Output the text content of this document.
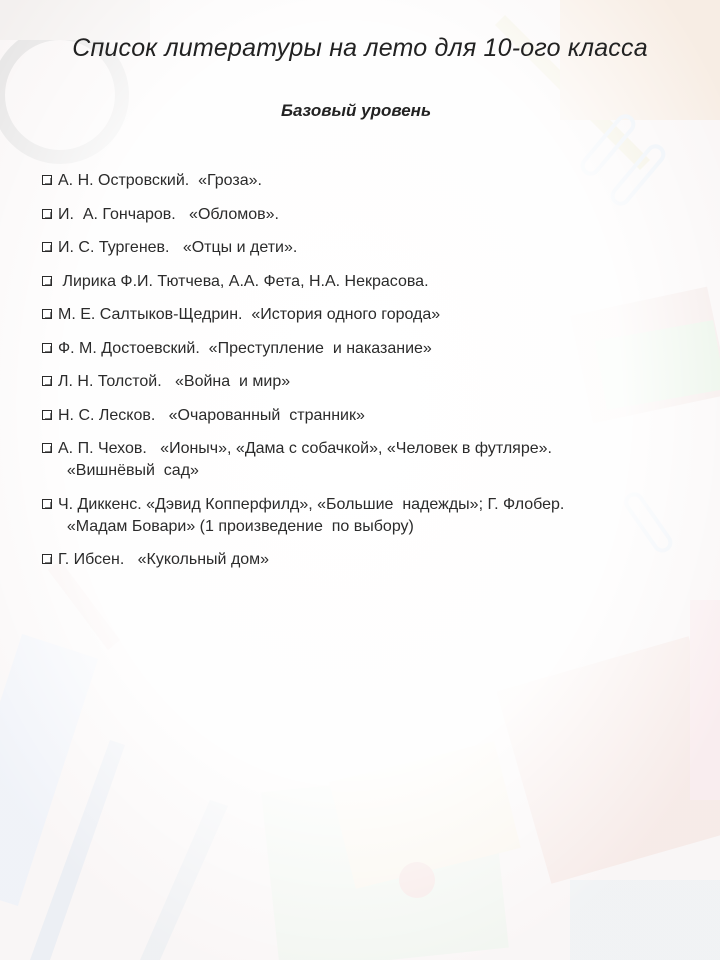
Список литературы на лето для 10-ого класса
Базовый уровень
А. Н. Островский.  «Гроза».
И.  А. Гончаров.   «Обломов».
И. С. Тургенев.   «Отцы и дети».
Лирика Ф.И. Тютчева, А.А. Фета, Н.А. Некрасова.
М. Е. Салтыков-Щедрин.  «История одного города»
Ф. М. Достоевский.  «Преступление  и наказание»
Л. Н. Толстой.   «Война  и мир»
Н. С. Лесков.   «Очарованный  странник»
А. П. Чехов.   «Ионыч», «Дама с собачкой», «Человек в футляре».
«Вишнёвый  сад»
Ч. Диккенс. «Дэвид Копперфилд», «Большие  надежды»; Г. Флобер.
«Мадам Бовари» (1 произведение  по выбору)
Г. Ибсен.   «Кукольный дом»
